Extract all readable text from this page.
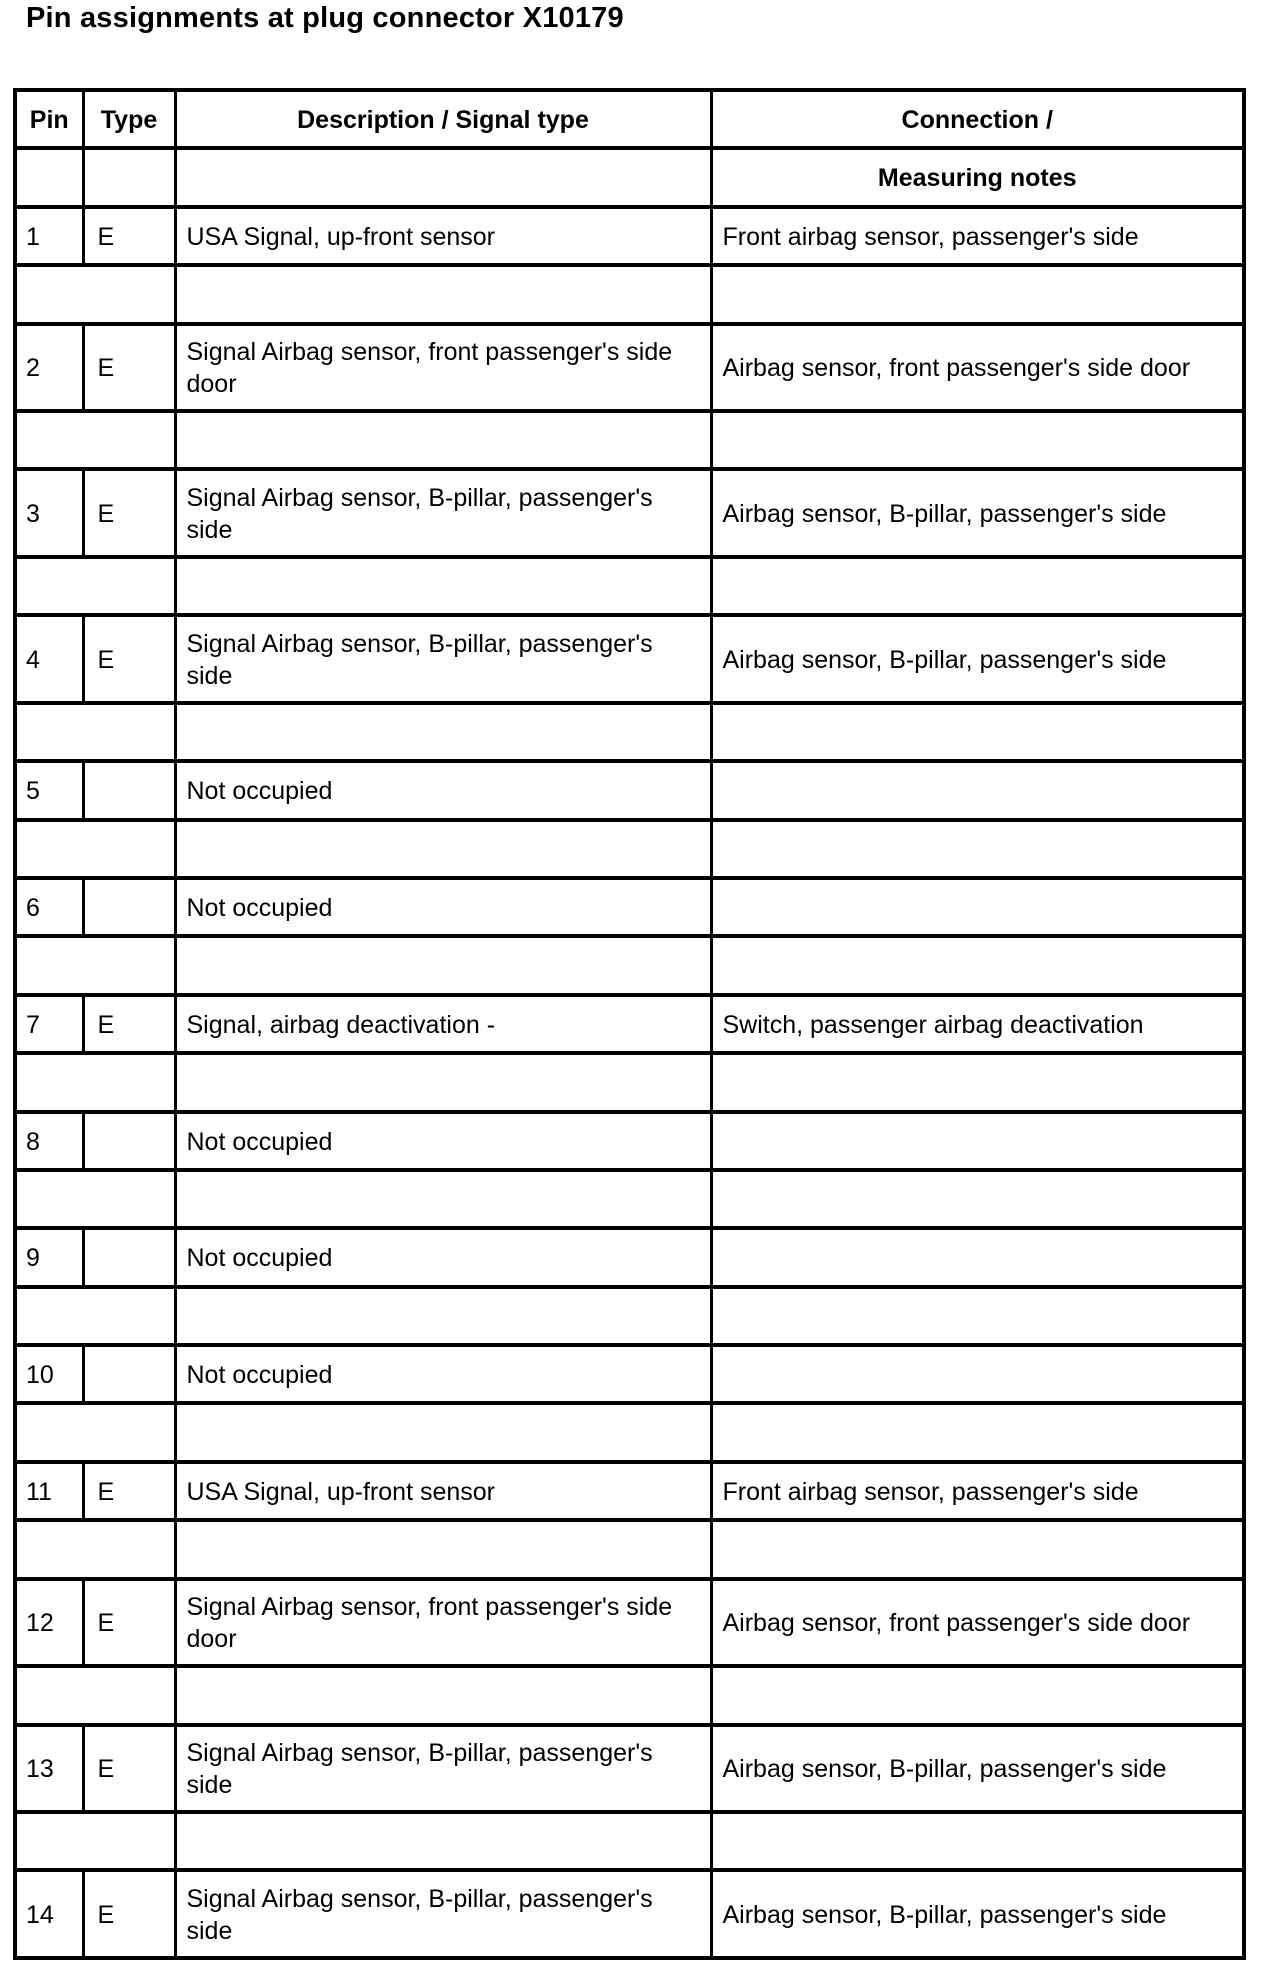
Pin assignments at plug connector X10179
Pin	Type	Description / Signal type	Connection /
			Measuring notes
1	E	USA Signal, up-front sensor	Front airbag sensor, passenger's side

2	E	Signal Airbag sensor, front passenger's side door	Airbag sensor, front passenger's side door

3	E	Signal Airbag sensor, B-pillar, passenger's side	Airbag sensor, B-pillar, passenger's side

4	E	Signal Airbag sensor, B-pillar, passenger's side	Airbag sensor, B-pillar, passenger's side

5		Not occupied	

6		Not occupied	

7	E	Signal, airbag deactivation -	Switch, passenger airbag deactivation

8		Not occupied	

9		Not occupied	

10		Not occupied	

11	E	USA Signal, up-front sensor	Front airbag sensor, passenger's side

12	E	Signal Airbag sensor, front passenger's side door	Airbag sensor, front passenger's side door

13	E	Signal Airbag sensor, B-pillar, passenger's side	Airbag sensor, B-pillar, passenger's side

14	E	Signal Airbag sensor, B-pillar, passenger's side	Airbag sensor, B-pillar, passenger's side
